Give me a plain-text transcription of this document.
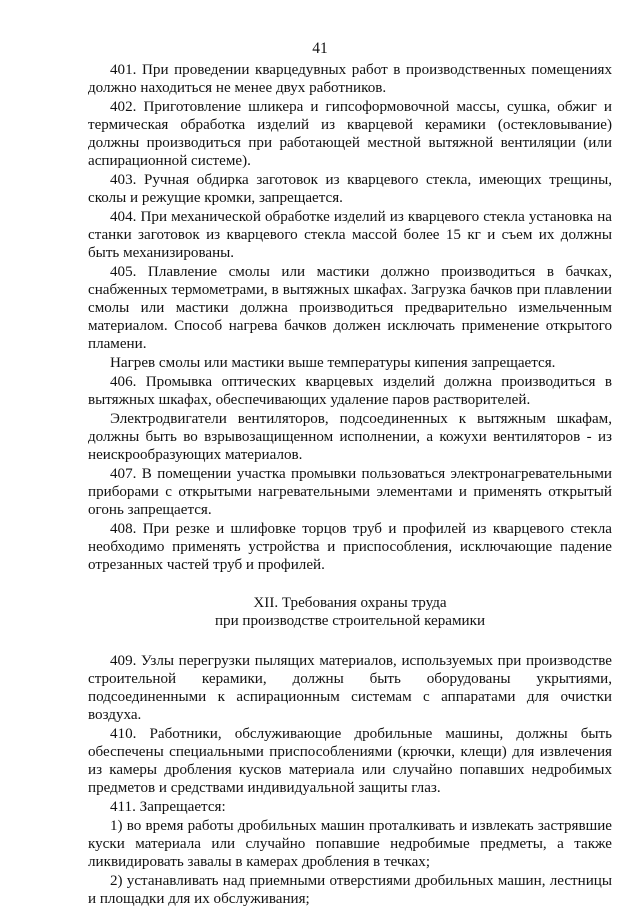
41

401. При проведении кварцедувных работ в производственных помещениях должно находиться не менее двух работников.

402. Приготовление шликера и гипсоформовочной массы, сушка, обжиг и термическая обработка изделий из кварцевой керамики (остекловывание) должны производиться при работающей местной вытяжной вентиляции (или аспирационной системе).

403. Ручная обдирка заготовок из кварцевого стекла, имеющих трещины, сколы и режущие кромки, запрещается.

404. При механической обработке изделий из кварцевого стекла установка на станки заготовок из кварцевого стекла массой более 15 кг и съем их должны быть механизированы.

405. Плавление смолы или мастики должно производиться в бачках, снабженных термометрами, в вытяжных шкафах. Загрузка бачков при плавлении смолы или мастики должна производиться предварительно измельченным материалом. Способ нагрева бачков должен исключать применение открытого пламени.

Нагрев смолы или мастики выше температуры кипения запрещается.

406. Промывка оптических кварцевых изделий должна производиться в вытяжных шкафах, обеспечивающих удаление паров растворителей.

Электродвигатели вентиляторов, подсоединенных к вытяжным шкафам, должны быть во взрывозащищенном исполнении, а кожухи вентиляторов - из неискрообразующих материалов.

407. В помещении участка промывки пользоваться электронагревательными приборами с открытыми нагревательными элементами и применять открытый огонь запрещается.

408. При резке и шлифовке торцов труб и профилей из кварцевого стекла необходимо применять устройства и приспособления, исключающие падение отрезанных частей труб и профилей.

XII. Требования охраны труда
при производстве строительной керамики

409. Узлы перегрузки пылящих материалов, используемых при производстве строительной керамики, должны быть оборудованы укрытиями, подсоединенными к аспирационным системам с аппаратами для очистки воздуха.

410. Работники, обслуживающие дробильные машины, должны быть обеспечены специальными приспособлениями (крючки, клещи) для извлечения из камеры дробления кусков материала или случайно попавших недробимых предметов и средствами индивидуальной защиты глаз.

411. Запрещается:

1) во время работы дробильных машин проталкивать и извлекать застрявшие куски материала или случайно попавшие недробимые предметы, а также ликвидировать завалы в камерах дробления в течках;

2) устанавливать над приемными отверстиями дробильных машин, лестницы и площадки для их обслуживания;
